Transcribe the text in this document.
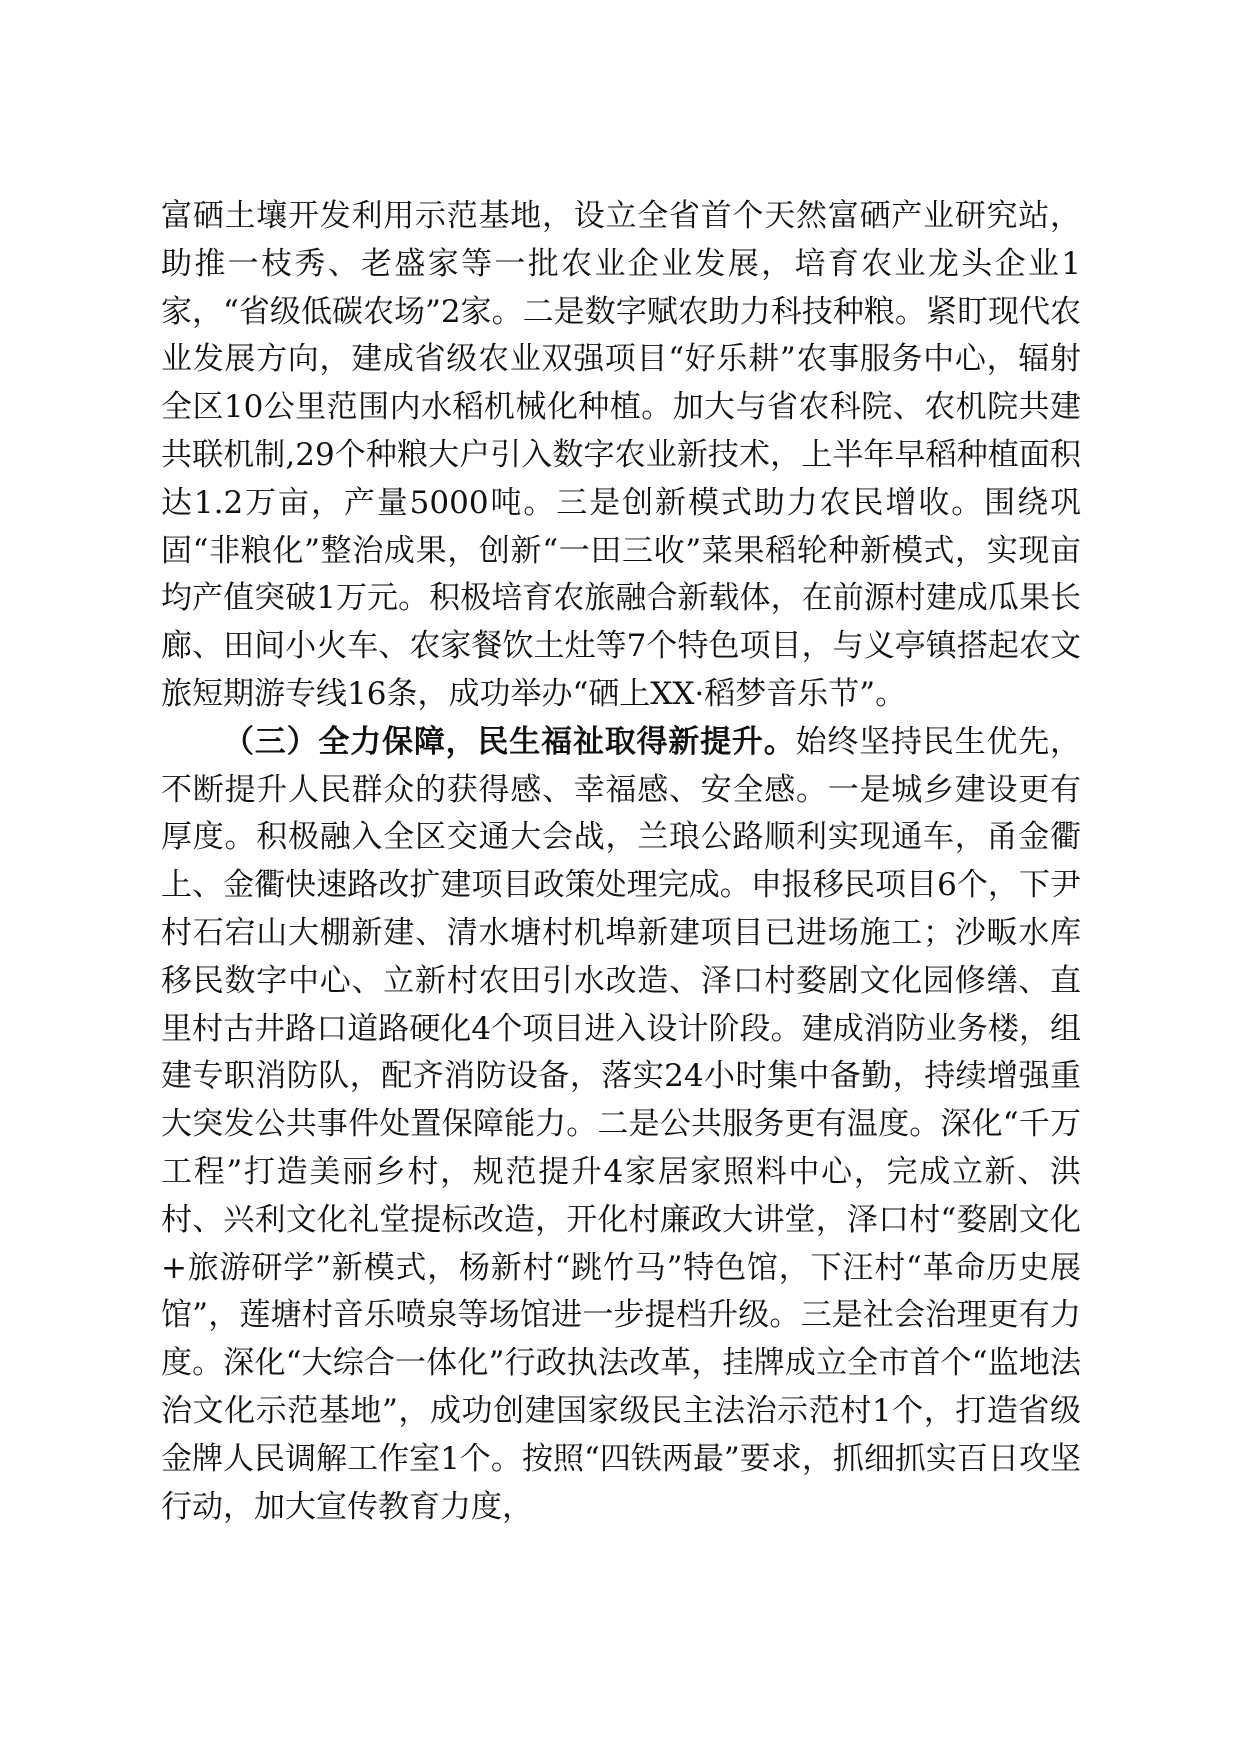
富硒土壤开发利用示范基地，设立全省首个天然富硒产业研究站，助推一枝秀、老盛家等一批农业企业发展，培育农业龙头企业1家，“省级低碳农场”2家。二是数字赋农助力科技种粮。紧盯现代农业发展方向，建成省级农业双强项目“好乐耕”农事服务中心，辐射全区10公里范围内水稻机械化种植。加大与省农科院、农机院共建共联机制,29个种粮大户引入数字农业新技术，上半年早稻种植面积达1.2万亩，产量5000吨。三是创新模式助力农民增收。围绕巩固“非粮化”整治成果，创新“一田三收”菜果稻轮种新模式，实现亩均产值突破1万元。积极培育农旅融合新载体，在前源村建成瓜果长廊、田间小火车、农家餐饮土灶等7个特色项目，与义亭镇搭起农文旅短期游专线16条，成功举办“硒上XX·稻梦音乐节”。

（三）全力保障，民生福祉取得新提升。始终坚持民生优先，不断提升人民群众的获得感、幸福感、安全感。一是城乡建设更有厚度。积极融入全区交通大会战，兰琅公路顺利实现通车，甬金衢上、金衢快速路改扩建项目政策处理完成。申报移民项目6个，下尹村石宕山大棚新建、清水塘村机埠新建项目已进场施工；沙畈水库移民数字中心、立新村农田引水改造、泽口村婺剧文化园修缮、直里村古井路口道路硬化4个项目进入设计阶段。建成消防业务楼，组建专职消防队，配齐消防设备，落实24小时集中备勤，持续增强重大突发公共事件处置保障能力。二是公共服务更有温度。深化“千万工程”打造美丽乡村，规范提升4家居家照料中心，完成立新、洪村、兴利文化礼堂提标改造，开化村廉政大讲堂，泽口村“婺剧文化+旅游研学”新模式，杨新村“跳竹马”特色馆，下汪村“革命历史展馆”，莲塘村音乐喷泉等场馆进一步提档升级。三是社会治理更有力度。深化“大综合一体化”行政执法改革，挂牌成立全市首个“监地法治文化示范基地”，成功创建国家级民主法治示范村1个，打造省级金牌人民调解工作室1个。按照“四铁两最”要求，抓细抓实百日攻坚行动，加大宣传教育力度，
